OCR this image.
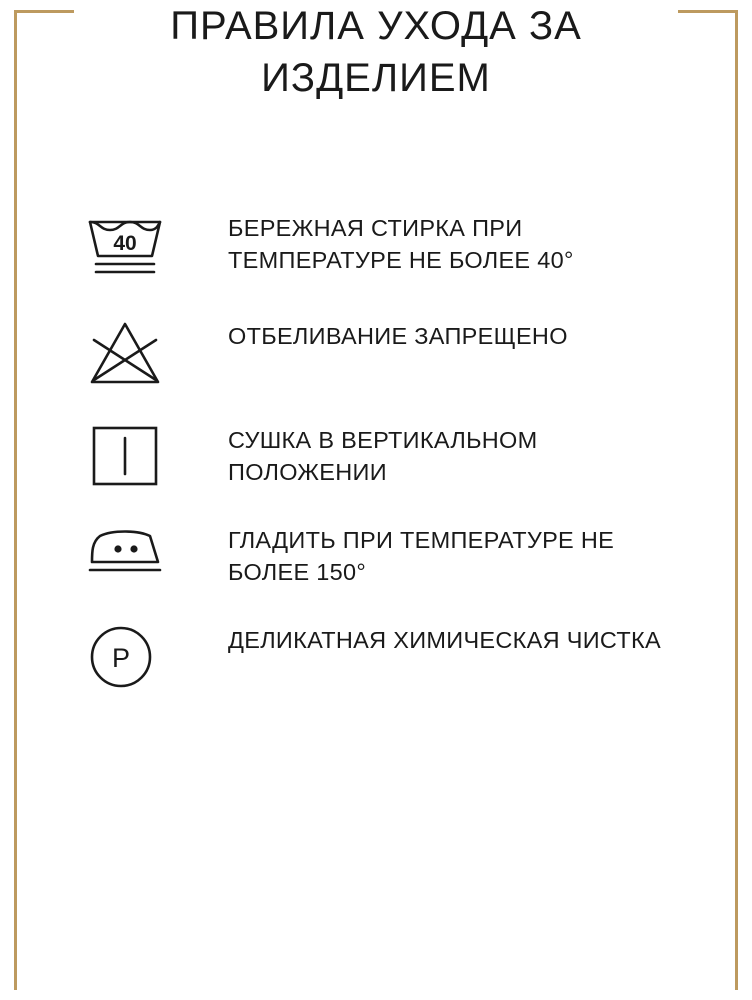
ПРАВИЛА УХОДА ЗА ИЗДЕЛИЕМ
40
БЕРЕЖНАЯ СТИРКА ПРИ ТЕМПЕРАТУРЕ НЕ БОЛЕЕ 40°
ОТБЕЛИВАНИЕ ЗАПРЕЩЕНО
СУШКА В ВЕРТИКАЛЬНОМ ПОЛОЖЕНИИ
ГЛАДИТЬ ПРИ ТЕМПЕРАТУРЕ НЕ БОЛЕЕ 150°
P
ДЕЛИКАТНАЯ ХИМИЧЕСКАЯ ЧИСТКА
